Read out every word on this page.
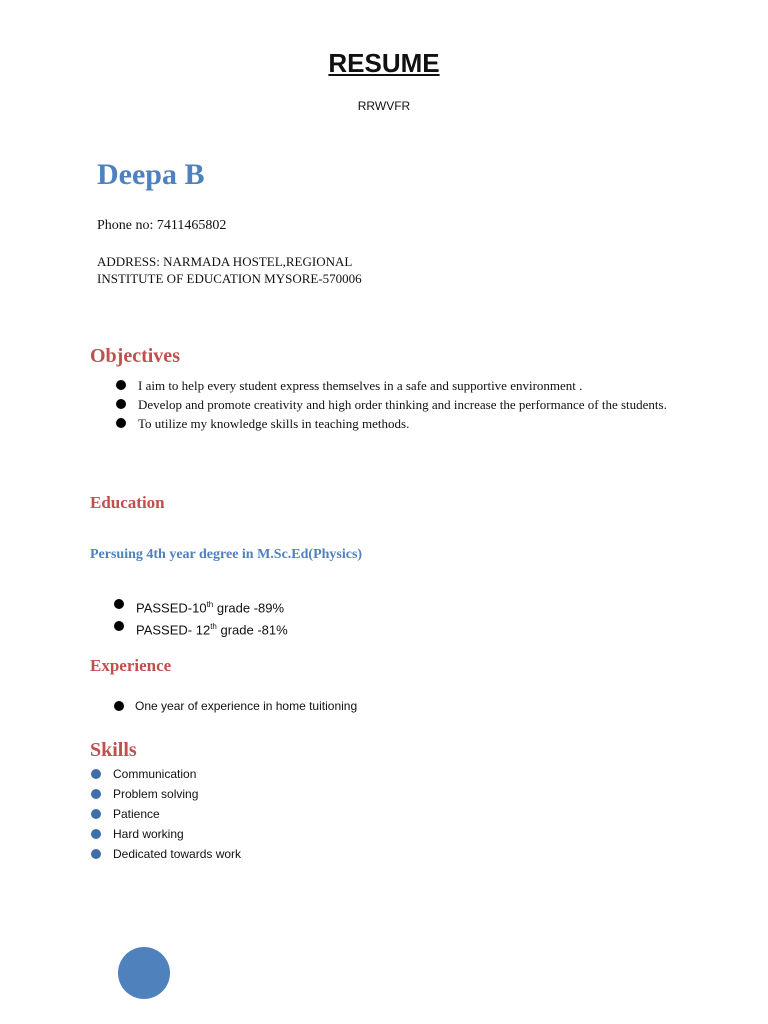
RESUME
RRWVFR
Deepa B
Phone no: 7411465802
ADDRESS: NARMADA HOSTEL,REGIONAL
INSTITUTE OF EDUCATION MYSORE-570006
Objectives
I aim to help every student express themselves in a safe and supportive environment .
Develop and promote creativity and high order thinking and increase the performance of the students.
To utilize my knowledge skills in teaching methods.
Education
Persuing 4th year degree in M.Sc.Ed(Physics)
PASSED-10th grade -89%
PASSED- 12th grade -81%
Experience
One year of experience in home tuitioning
Skills
Communication
Problem solving
Patience
Hard working
Dedicated towards work
